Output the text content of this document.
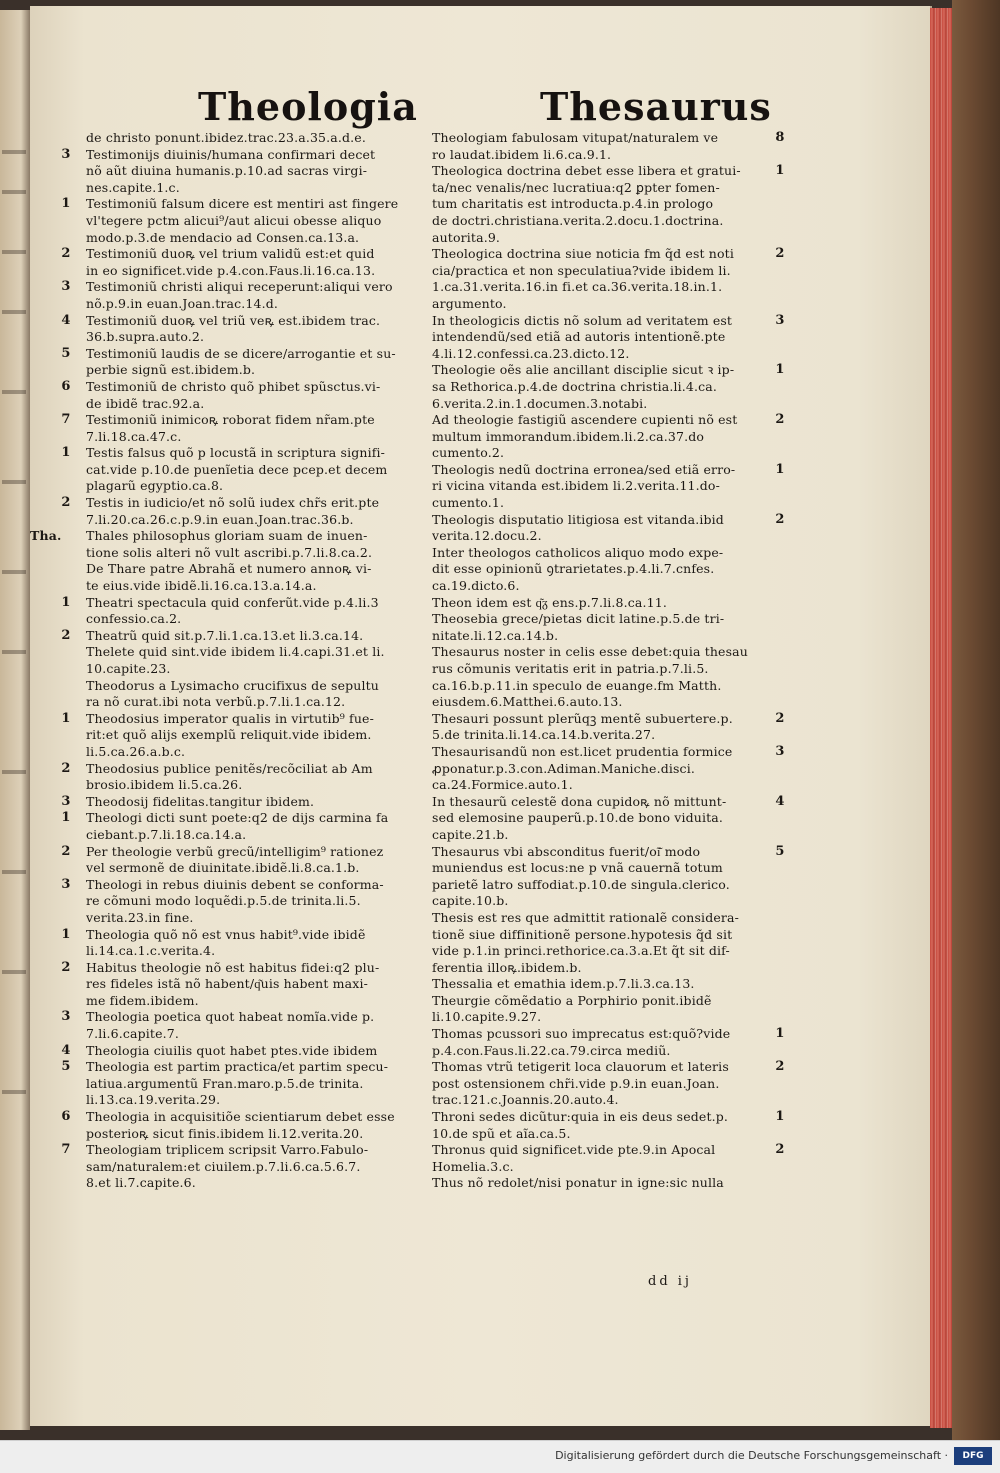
Theologia	Thesaurus
de christo ponunt.ibidez.trac.23.a.35.a.d.e.
3 Testimonijs diuinis/humana confirmari decet
nõ aũt diuina humanis.p.10.ad sacras virgi-
nes.capite.1.c.
1 Testimoniũ falsum dicere est mentiri ast fingere
vl'tegere pctm alicui⁹/aut alicui obesse aliquo
modo.p.3.de mendacio ad Consen.ca.13.a.
2 Testimoniũ duoꝶ vel trium validũ est:et quid
in eo significet.vide p.4.con.Faus.li.16.ca.13.
3 Testimoniũ christi aliqui receperunt:aliqui vero
nõ.p.9.in euan.Joan.trac.14.d.
4 Testimoniũ duoꝶ vel triũ veꝶ est.ibidem trac.
36.b.supra.auto.2.
5 Testimoniũ laudis de se dicere/arrogantie et su-
perbie signũ est.ibidem.b.
6 Testimoniũ de christo quõ phibet spũsctus.vi-
de ibidẽ trac.92.a.
7 Testimoniũ inimicoꝶ roborat fidem nr̃am.pte
7.li.18.ca.47.c.
1 Testis falsus quõ p locustã in scriptura signifi-
cat.vide p.10.de puenĩetia dece pcep.et decem
plagarũ egyptio.ca.8.
2 Testis in iudicio/et nõ solũ iudex chr̃s erit.pte
7.li.20.ca.26.c.p.9.in euan.Joan.trac.36.b.
Tha. Thales philosophus gloriam suam de inuen-
tione solis alteri nõ vult ascribi.p.7.li.8.ca.2.
De Thare patre Abrahã et numero annoꝶ vi-
te eius.vide ibidẽ.li.16.ca.13.a.14.a.
1 Theatri spectacula quid conferũt.vide p.4.li.3
confessio.ca.2.
2 Theatrũ quid sit.p.7.li.1.ca.13.et li.3.ca.14.
Thelete quid sint.vide ibidem li.4.capi.31.et li.
10.capite.23.
Theodorus a Lysimacho crucifixus de sepultu
ra nõ curat.ibi nota verbũ.p.7.li.1.ca.12.
1 Theodosius imperator qualis in virtutib⁹ fue-
rit:et quõ alijs exemplũ reliquit.vide ibidem.
li.5.ca.26.a.b.c.
2 Theodosius publice penitẽs/recõciliat ab Am
brosio.ibidem li.5.ca.26.
3 Theodosij fidelitas.tangitur ibidem.
1 Theologi dicti sunt poete:q2 de dijs carmina fa
ciebant.p.7.li.18.ca.14.a.
2 Per theologie verbũ grecũ/intelligim⁹ rationez
vel sermonẽ de diuinitate.ibidẽ.li.8.ca.1.b.
3 Theologi in rebus diuinis debent se conforma-
re cõmuni modo loquẽdi.p.5.de trinita.li.5.
verita.23.in fine.
1 Theologia quõ nõ est vnus habit⁹.vide ibidẽ
li.14.ca.1.c.verita.4.
2 Habitus theologie nõ est habitus fidei:q2 plu-
res fideles istã nõ habent/q͂uis habent maxi-
me fidem.ibidem.
3 Theologia poetica quot habeat nomĩa.vide p.
7.li.6.capite.7.
4 Theologia ciuilis quot habet ptes.vide ibidem
5 Theologia est partim practica/et partim specu-
latiua.argumentũ Fran.maro.p.5.de trinita.
li.13.ca.19.verita.29.
6 Theologia in acquisitiõe scientiarum debet esse
posterioꝶ sicut finis.ibidem li.12.verita.20.
7 Theologiam triplicem scripsit Varro.Fabulo-
sam/naturalem:et ciuilem.p.7.li.6.ca.5.6.7.
8.et li.7.capite.6.
8
Theologiam fabulosam vitupat/naturalem ve
ro laudat.ibidem li.6.ca.9.1.
1
Theologica doctrina debet esse libera et gratui-
ta/nec venalis/nec lucratiua:q2 ꝑpter fomen-
tum charitatis est introducta.p.4.in prologo
de doctri.christiana.verita.2.docu.1.doctrina.
autorita.9.
2
Theologica doctrina siue noticia fm q̃d est noti
cia/practica et non speculatiua?vide ibidem li.
1.ca.31.verita.16.in fi.et ca.36.verita.18.in.1.
argumento.
3
In theologicis dictis nõ solum ad veritatem est
intendendũ/sed etiã ad autoris intentionẽ.pte
4.li.12.confessi.ca.23.dicto.12.
1
Theologie oẽs alie ancillant disciplie sicut ꝛ ip-
sa Rethorica.p.4.de doctrina christia.li.4.ca.
6.verita.2.in.1.documen.3.notabi.
2
Ad theologie fastigiũ ascendere cupienti nõ est
multum immorandum.ibidem.li.2.ca.37.do
cumento.2.
1
Theologis nedũ doctrina erronea/sed etiã erro-
ri vicina vitanda est.ibidem li.2.verita.11.do-
cumento.1.
2
Theologis disputatio litigiosa est vitanda.ibid
verita.12.docu.2.
Inter theologos catholicos aliquo modo expe-
dit esse opinionũ ꝯtrarietates.p.4.li.7.cnfes.
ca.19.dicto.6.
Theon idem est q͂ᵹ ens.p.7.li.8.ca.11.
Theosebia grece/pietas dicit latine.p.5.de tri-
nitate.li.12.ca.14.b.
Thesaurus noster in celis esse debet:quia thesau
rus cõmunis veritatis erit in patria.p.7.li.5.
ca.16.b.p.11.in speculo de euange.fm Matth.
eiusdem.6.Matthei.6.auto.13.
2
Thesauri possunt plerũqꝫ mentẽ subuertere.p.
5.de trinita.li.14.ca.14.b.verita.27.
3
Thesaurisandũ non est.licet prudentia formice
ꝓponatur.p.3.con.Adiman.Maniche.disci.
ca.24.Formice.auto.1.
4
In thesaurũ celestẽ dona cupidoꝶ nõ mittunt-
sed elemosine pauperũ.p.10.de bono viduita.
capite.21.b.
5
Thesaurus vbi absconditus fuerit/oĩ͂ modo
muniendus est locus:ne p vnã cauernã totum
parietẽ latro suffodiat.p.10.de singula.clerico.
capite.10.b.
Thesis est res que admittit rationalẽ considera-
tionẽ siue diffinitionẽ persone.hypotesis q̃d sit
vide p.1.in princi.rethorice.ca.3.a.Et q̃t sit dif-
ferentia illoꝶ.ibidem.b.
Thessalia et emathia idem.p.7.li.3.ca.13.
Theurgie cõmẽdatio a Porphirio ponit.ibidẽ
li.10.capite.9.27.
1
Thomas pcussori suo imprecatus est:quõ?vide
p.4.con.Faus.li.22.ca.79.circa mediũ.
2
Thomas vtrũ tetigerit loca clauorum et lateris
post ostensionem chr̃i.vide p.9.in euan.Joan.
trac.121.c.Joannis.20.auto.4.
1
Throni sedes dicũtur:quia in eis deus sedet.p.
10.de spũ et aĩa.ca.5.
2
Thronus quid significet.vide pte.9.in Apocal
Homelia.3.c.
Thus nõ redolet/nisi ponatur in igne:sic nulla
dd ij
Digitalisierung gefördert durch die Deutsche Forschungsgemeinschaft ·	DFG
